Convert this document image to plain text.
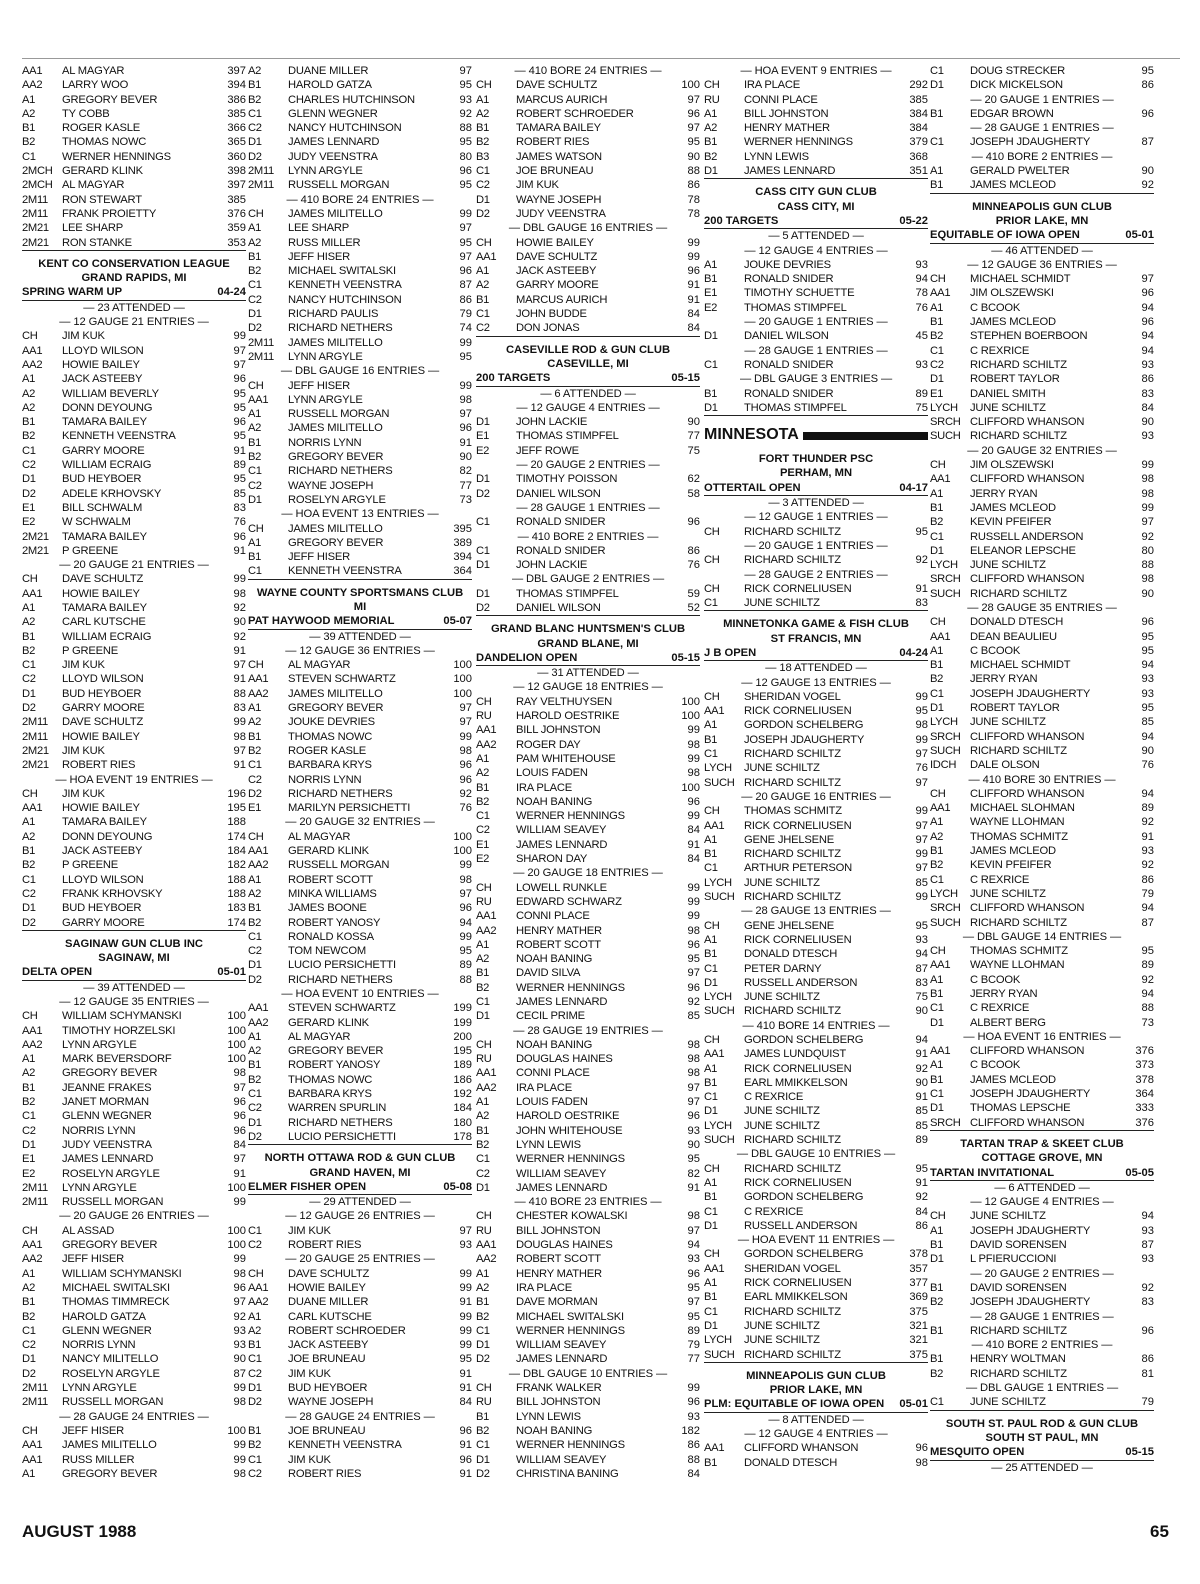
AA1	AL MAGYAR	397
AA2	LARRY WOO	394
A1	GREGORY BEVER	386
A2	TY COBB	385
B1	ROGER KASLE	366
B2	THOMAS NOWC	365
C1	WERNER HENNINGS	360
2MCH GERARD KLINK	398
2MCH AL MAGYAR	397
2M11	RON STEWART	385
2M11	FRANK PROIETTY	376
2M21	LEE SHARP	359
2M21	RON STANKE	353
KENT CO CONSERVATION LEAGUE
GRAND RAPIDS, MI
SPRING WARM UP	04-24
— 23 ATTENDED —
— 12 GAUGE 21 ENTRIES —
CH	JIM KUK	99
AA1	LLOYD WILSON	97
AA2	HOWIE BAILEY	97
A1	JACK ASTEEBY	96
A2	WILLIAM BEVERLY	95
A2	DONN DEYOUNG	95
B1	TAMARA BAILEY	96
B2	KENNETH VEENSTRA	95
C1	GARRY MOORE	91
C2	WILLIAM ECRAIG	89
D1	BUD HEYBOER	95
D2	ADELE KRHOVSKY	85
E1	BILL SCHWALM	83
E2	W SCHWALM	76
2M21	TAMARA BAILEY	96
2M21	P GREENE	91
— 20 GAUGE 21 ENTRIES —
CH	DAVE SCHULTZ	99
AA1	HOWIE BAILEY	98
A1	TAMARA BAILEY	92
A2	CARL KUTSCHE	90
B1	WILLIAM ECRAIG	92
B2	P GREENE	91
C1	JIM KUK	97
C2	LLOYD WILSON	91
D1	BUD HEYBOER	88
D2	GARRY MOORE	83
2M11	DAVE SCHULTZ	99
2M11	HOWIE BAILEY	98
2M21	JIM KUK	97
2M21	ROBERT RIES	91
— HOA EVENT 19 ENTRIES —
CH	JIM KUK	196
AA1	HOWIE BAILEY	195
A1	TAMARA BAILEY	188
A2	DONN DEYOUNG	174
B1	JACK ASTEEBY	184
B2	P GREENE	182
C1	LLOYD WILSON	188
C2	FRANK KRHOVSKY	188
D1	BUD HEYBOER	183
D2	GARRY MOORE	174
SAGINAW GUN CLUB INC
SAGINAW, MI
DELTA OPEN	05-01
— 39 ATTENDED —
— 12 GAUGE 35 ENTRIES —
CH	WILLIAM SCHYMANSKI	100
AA1	TIMOTHY HORZELSKI	100
AA2	LYNN ARGYLE	100
A1	MARK BEVERSDORF	100
A2	GREGORY BEVER	98
B1	JEANNE FRAKES	97
B2	JANET MORMAN	96
C1	GLENN WEGNER	96
C2	NORRIS LYNN	96
D1	JUDY VEENSTRA	84
E1	JAMES LENNARD	97
E2	ROSELYN ARGYLE	91
2M11	LYNN ARGYLE	100
2M11	RUSSELL MORGAN	99
— 20 GAUGE 26 ENTRIES —
CH	AL ASSAD	100
AA1	GREGORY BEVER	100
AA2	JEFF HISER	99
A1	WILLIAM SCHYMANSKI	98
A2	MICHAEL SWITALSKI	96
B1	THOMAS TIMMRECK	97
B2	HAROLD GATZA	92
C1	GLENN WEGNER	93
C2	NORRIS LYNN	93
D1	NANCY MILITELLO	90
D2	ROSELYN ARGYLE	87
2M11	LYNN ARGYLE	99
2M11	RUSSELL MORGAN	98
— 28 GAUGE 24 ENTRIES —
CH	JEFF HISER	100
AA1	JAMES MILITELLO	99
AA1	RUSS MILLER	99
A1	GREGORY BEVER	98
A2	DUANE MILLER	97
B1	HAROLD GATZA	95
B2	CHARLES HUTCHINSON	93
C1	GLENN WEGNER	92
C2	NANCY HUTCHINSON	88
D1	JAMES LENNARD	95
D2	JUDY VEENSTRA	80
2M11	LYNN ARGYLE	96
2M11	RUSSELL MORGAN	95
— 410 BORE 24 ENTRIES —
CH	JAMES MILITELLO	99
A1	LEE SHARP	97
A2	RUSS MILLER	95
B1	JEFF HISER	97
B2	MICHAEL SWITALSKI	96
C1	KENNETH VEENSTRA	87
C2	NANCY HUTCHINSON	86
D1	RICHARD PAULIS	79
D2	RICHARD NETHERS	74
2M11	JAMES MILITELLO	99
2M11	LYNN ARGYLE	95
— DBL GAUGE 16 ENTRIES —
CH	JEFF HISER	99
AA1	LYNN ARGYLE	98
A1	RUSSELL MORGAN	97
A2	JAMES MILITELLO	96
B1	NORRIS LYNN	91
B2	GREGORY BEVER	90
C1	RICHARD NETHERS	82
C2	WAYNE JOSEPH	77
D1	ROSELYN ARGYLE	73
— HOA EVENT 13 ENTRIES —
CH	JAMES MILITELLO	395
A1	GREGORY BEVER	389
B1	JEFF HISER	394
C1	KENNETH VEENSTRA	364
WAYNE COUNTY SPORTSMANS CLUB
MI
PAT HAYWOOD MEMORIAL	05-07
— 39 ATTENDED —
— 12 GAUGE 36 ENTRIES —
CH	AL MAGYAR	100
AA1	STEVEN SCHWARTZ	100
AA2	JAMES MILITELLO	100
A1	GREGORY BEVER	97
A2	JOUKE DEVRIES	97
B1	THOMAS NOWC	99
B2	ROGER KASLE	98
C1	BARBARA KRYS	96
C2	NORRIS LYNN	96
D2	RICHARD NETHERS	92
E1	MARILYN PERSICHETTI	76
— 20 GAUGE 32 ENTRIES —
CH	AL MAGYAR	100
AA1	GERARD KLINK	100
AA2	RUSSELL MORGAN	99
A1	ROBERT SCOTT	98
A2	MINKA WILLIAMS	97
B1	JAMES BOONE	96
B2	ROBERT YANOSY	94
C1	RONALD KOSSA	99
C2	TOM NEWCOM	95
D1	LUCIO PERSICHETTI	89
D2	RICHARD NETHERS	88
— HOA EVENT 10 ENTRIES —
AA1	STEVEN SCHWARTZ	199
AA2	GERARD KLINK	199
A1	AL MAGYAR	200
A2	GREGORY BEVER	195
B1	ROBERT YANOSY	189
B2	THOMAS NOWC	186
C1	BARBARA KRYS	192
C2	WARREN SPURLIN	184
D1	RICHARD NETHERS	180
D2	LUCIO PERSICHETTI	178
NORTH OTTAWA ROD & GUN CLUB
GRAND HAVEN, MI
ELMER FISHER OPEN	05-08
— 29 ATTENDED —
— 12 GAUGE 26 ENTRIES —
C1	JIM KUK	97
C2	ROBERT RIES	93
— 20 GAUGE 25 ENTRIES —
CH	DAVE SCHULTZ	99
AA1	HOWIE BAILEY	99
AA2	DUANE MILLER	91
A1	CARL KUTSCHE	99
A2	ROBERT SCHROEDER	99
B1	JACK ASTEEBY	99
C1	JOE BRUNEAU	95
C2	JIM KUK	91
D1	BUD HEYBOER	91
D2	WAYNE JOSEPH	84
— 28 GAUGE 24 ENTRIES —
B1	JOE BRUNEAU	96
B2	KENNETH VEENSTRA	91
C1	JIM KUK	96
C2	ROBERT RIES	91
— 410 BORE 24 ENTRIES —
CH	DAVE SCHULTZ	100
A1	MARCUS AURICH	97
A2	ROBERT SCHROEDER	96
B1	TAMARA BAILEY	97
B2	ROBERT RIES	95
B3	JAMES WATSON	90
C1	JOE BRUNEAU	88
C2	JIM KUK	86
D1	WAYNE JOSEPH	78
D2	JUDY VEENSTRA	78
— DBL GAUGE 16 ENTRIES —
CH	HOWIE BAILEY	99
AA1	DAVE SCHULTZ	99
A1	JACK ASTEEBY	96
A2	GARRY MOORE	91
B1	MARCUS AURICH	91
C1	JOHN BUDDE	84
C2	DON JONAS	84
CASEVILLE ROD & GUN CLUB
CASEVILLE, MI
200 TARGETS	05-15
— 6 ATTENDED —
— 12 GAUGE 4 ENTRIES —
D1	JOHN LACKIE	90
E1	THOMAS STIMPFEL	77
E2	JEFF ROWE	75
— 20 GAUGE 2 ENTRIES —
D1	TIMOTHY POISSON	62
D2	DANIEL WILSON	58
— 28 GAUGE 1 ENTRIES —
C1	RONALD SNIDER	96
— 410 BORE 2 ENTRIES —
C1	RONALD SNIDER	86
D1	JOHN LACKIE	76
— DBL GAUGE 2 ENTRIES —
D1	THOMAS STIMPFEL	59
D2	DANIEL WILSON	52
GRAND BLANC HUNTSMEN'S CLUB
GRAND BLANE, MI
DANDELION OPEN	05-15
— 31 ATTENDED —
— 12 GAUGE 18 ENTRIES —
CH	RAY VELTHUYSEN	100
RU	HAROLD OESTRIKE	100
AA1	BILL JOHNSTON	99
AA2	ROGER DAY	98
A1	PAM WHITEHOUSE	99
A2	LOUIS FADEN	98
B1	IRA PLACE	100
B2	NOAH BANING	96
C1	WERNER HENNINGS	99
C2	WILLIAM SEAVEY	84
E1	JAMES LENNARD	91
E2	SHARON DAY	84
— 20 GAUGE 18 ENTRIES —
CH	LOWELL RUNKLE	99
RU	EDWARD SCHWARZ	99
AA1	CONNI PLACE	99
AA2	HENRY MATHER	98
A1	ROBERT SCOTT	96
A2	NOAH BANING	95
B1	DAVID SILVA	97
B2	WERNER HENNINGS	96
C1	JAMES LENNARD	92
D1	CECIL PRIME	85
— 28 GAUGE 19 ENTRIES —
CH	NOAH BANING	98
RU	DOUGLAS HAINES	98
AA1	CONNI PLACE	98
AA2	IRA PLACE	97
A1	LOUIS FADEN	97
A2	HAROLD OESTRIKE	96
B1	JOHN WHITEHOUSE	93
B2	LYNN LEWIS	90
C1	WERNER HENNINGS	95
C2	WILLIAM SEAVEY	82
D1	JAMES LENNARD	91
— 410 BORE 23 ENTRIES —
CH	CHESTER KOWALSKI	98
RU	BILL JOHNSTON	97
AA1	DOUGLAS HAINES	94
AA2	ROBERT SCOTT	93
A1	HENRY MATHER	96
A2	IRA PLACE	95
B1	DAVE MORMAN	97
B2	MICHAEL SWITALSKI	95
C1	WERNER HENNINGS	89
D1	WILLIAM SEAVEY	79
D2	JAMES LENNARD	77
— DBL GAUGE 10 ENTRIES —
CH	FRANK WALKER	99
RU	BILL JOHNSTON	96
B1	LYNN LEWIS	93
B2	NOAH BANING	182
C1	WERNER HENNINGS	86
D1	WILLIAM SEAVEY	88
D2	CHRISTINA BANING	84
— HOA EVENT 9 ENTRIES —
CH	IRA PLACE	292
RU	CONNI PLACE	385
A1	BILL JOHNSTON	384
A2	HENRY MATHER	384
B1	WERNER HENNINGS	379
B2	LYNN LEWIS	368
D1	JAMES LENNARD	351
CASS CITY GUN CLUB
CASS CITY, MI
200 TARGETS	05-22
— 5 ATTENDED —
— 12 GAUGE 4 ENTRIES —
A1	JOUKE DEVRIES	93
B1	RONALD SNIDER	94
E1	TIMOTHY SCHUETTE	78
E2	THOMAS STIMPFEL	76
— 20 GAUGE 1 ENTRIES —
D1	DANIEL WILSON	45
— 28 GAUGE 1 ENTRIES —
C1	RONALD SNIDER	93
— DBL GAUGE 3 ENTRIES —
B1	RONALD SNIDER	89
D1	THOMAS STIMPFEL	75
MINNESOTA
FORT THUNDER PSC
PERHAM, MN
OTTERTAIL OPEN	04-17
— 3 ATTENDED —
— 12 GAUGE 1 ENTRIES —
CH	RICHARD SCHILTZ	95
— 20 GAUGE 1 ENTRIES —
CH	RICHARD SCHILTZ	92
— 28 GAUGE 2 ENTRIES —
CH	RICK CORNELIUSEN	91
C1	JUNE SCHILTZ	83
MINNETONKA GAME & FISH CLUB
ST FRANCIS, MN
J B OPEN	04-24
— 18 ATTENDED —
— 12 GAUGE 13 ENTRIES —
CH	SHERIDAN VOGEL	99
AA1	RICK CORNELIUSEN	95
A1	GORDON SCHELBERG	98
B1	JOSEPH JDAUGHERTY	99
C1	RICHARD SCHILTZ	97
LYCH	JUNE SCHILTZ	76
SUCH RICHARD SCHILTZ	97
— 20 GAUGE 16 ENTRIES —
CH	THOMAS SCHMITZ	99
AA1	RICK CORNELIUSEN	97
A1	GENE JHELSENE	97
B1	RICHARD SCHILTZ	99
C1	ARTHUR PETERSON	97
LYCH	JUNE SCHILTZ	85
SUCH RICHARD SCHILTZ	99
— 28 GAUGE 13 ENTRIES —
CH	GENE JHELSENE	95
A1	RICK CORNELIUSEN	93
B1	DONALD DTESCH	94
C1	PETER DARNY	87
D1	RUSSELL ANDERSON	83
LYCH	JUNE SCHILTZ	75
SUCH RICHARD SCHILTZ	90
— 410 BORE 14 ENTRIES —
CH	GORDON SCHELBERG	94
AA1	JAMES LUNDQUIST	91
A1	RICK CORNELIUSEN	92
B1	EARL MMIKKELSON	90
C1	C REXRICE	91
D1	JUNE SCHILTZ	85
LYCH	JUNE SCHILTZ	85
SUCH RICHARD SCHILTZ	89
— DBL GAUGE 10 ENTRIES —
CH	RICHARD SCHILTZ	95
A1	RICK CORNELIUSEN	91
B1	GORDON SCHELBERG	92
C1	C REXRICE	84
D1	RUSSELL ANDERSON	86
— HOA EVENT 11 ENTRIES —
CH	GORDON SCHELBERG	378
AA1	SHERIDAN VOGEL	357
A1	RICK CORNELIUSEN	377
B1	EARL MMIKKELSON	369
C1	RICHARD SCHILTZ	375
D1	JUNE SCHILTZ	321
LYCH	JUNE SCHILTZ	321
SUCH RICHARD SCHILTZ	375
MINNEAPOLIS GUN CLUB
PRIOR LAKE, MN
PLM: EQUITABLE OF IOWA OPEN 05-01
— 8 ATTENDED —
— 12 GAUGE 4 ENTRIES —
AA1	CLIFFORD WHANSON	96
B1	DONALD DTESCH	98
C1	DOUG STRECKER	95
D1	DICK MICKELSON	86
— 20 GAUGE 1 ENTRIES —
B1	EDGAR BROWN	96
— 28 GAUGE 1 ENTRIES —
C1	JOSEPH JDAUGHERTY	87
— 410 BORE 2 ENTRIES —
A1	GERALD PWELTER	90
B1	JAMES MCLEOD	92
MINNEAPOLIS GUN CLUB
PRIOR LAKE, MN
EQUITABLE OF IOWA OPEN	05-01
— 46 ATTENDED —
— 12 GAUGE 36 ENTRIES —
CH	MICHAEL SCHMIDT	97
AA1	JIM OLSZEWSKI	96
A1	C BCOOK	94
B1	JAMES MCLEOD	96
B2	STEPHEN BOERBOON	94
C1	C REXRICE	94
C2	RICHARD SCHILTZ	93
D1	ROBERT TAYLOR	86
E1	DANIEL SMITH	83
LYCH	JUNE SCHILTZ	84
SRCH CLIFFORD WHANSON	90
SUCH RICHARD SCHILTZ	93
— 20 GAUGE 32 ENTRIES —
CH	JIM OLSZEWSKI	99
AA1	CLIFFORD WHANSON	98
A1	JERRY RYAN	98
B1	JAMES MCLEOD	99
B2	KEVIN PFEIFER	97
C1	RUSSELL ANDERSON	92
D1	ELEANOR LEPSCHE	80
LYCH	JUNE SCHILTZ	88
SRCH CLIFFORD WHANSON	98
SUCH RICHARD SCHILTZ	90
— 28 GAUGE 35 ENTRIES —
CH	DONALD DTESCH	96
AA1	DEAN BEAULIEU	95
A1	C BCOOK	95
B1	MICHAEL SCHMIDT	94
B2	JERRY RYAN	93
C1	JOSEPH JDAUGHERTY	93
D1	ROBERT TAYLOR	95
LYCH	JUNE SCHILTZ	85
SRCH CLIFFORD WHANSON	94
SUCH RICHARD SCHILTZ	90
IDCH	DALE OLSON	76
— 410 BORE 30 ENTRIES —
CH	CLIFFORD WHANSON	94
AA1	MICHAEL SLOHMAN	89
A1	WAYNE LLOHMAN	92
A2	THOMAS SCHMITZ	91
B1	JAMES MCLEOD	93
B2	KEVIN PFEIFER	92
C1	C REXRICE	86
LYCH	JUNE SCHILTZ	79
SRCH CLIFFORD WHANSON	94
SUCH RICHARD SCHILTZ	87
— DBL GAUGE 14 ENTRIES —
CH	THOMAS SCHMITZ	95
AA1	WAYNE LLOHMAN	89
A1	C BCOOK	92
B1	JERRY RYAN	94
C1	C REXRICE	88
D1	ALBERT BERG	73
— HOA EVENT 16 ENTRIES —
AA1	CLIFFORD WHANSON	376
A1	C BCOOK	373
B1	JAMES MCLEOD	378
C1	JOSEPH JDAUGHERTY	364
D1	THOMAS LEPSCHE	333
SRCH CLIFFORD WHANSON	376
TARTAN TRAP & SKEET CLUB
COTTAGE GROVE, MN
TARTAN INVITATIONAL	05-05
— 6 ATTENDED —
— 12 GAUGE 4 ENTRIES —
CH	JUNE SCHILTZ	94
A1	JOSEPH JDAUGHERTY	93
B1	DAVID SORENSEN	87
D1	L PFIERUCCIONI	93
— 20 GAUGE 2 ENTRIES —
B1	DAVID SORENSEN	92
B2	JOSEPH JDAUGHERTY	83
— 28 GAUGE 1 ENTRIES —
B1	RICHARD SCHILTZ	96
— 410 BORE 2 ENTRIES —
B1	HENRY WOLTMAN	86
B2	RICHARD SCHILTZ	81
— DBL GAUGE 1 ENTRIES —
C1	JUNE SCHILTZ	79
SOUTH ST. PAUL ROD & GUN CLUB
SOUTH ST PAUL, MN
MESQUITO OPEN	05-15
— 25 ATTENDED —
AUGUST 1988	65
